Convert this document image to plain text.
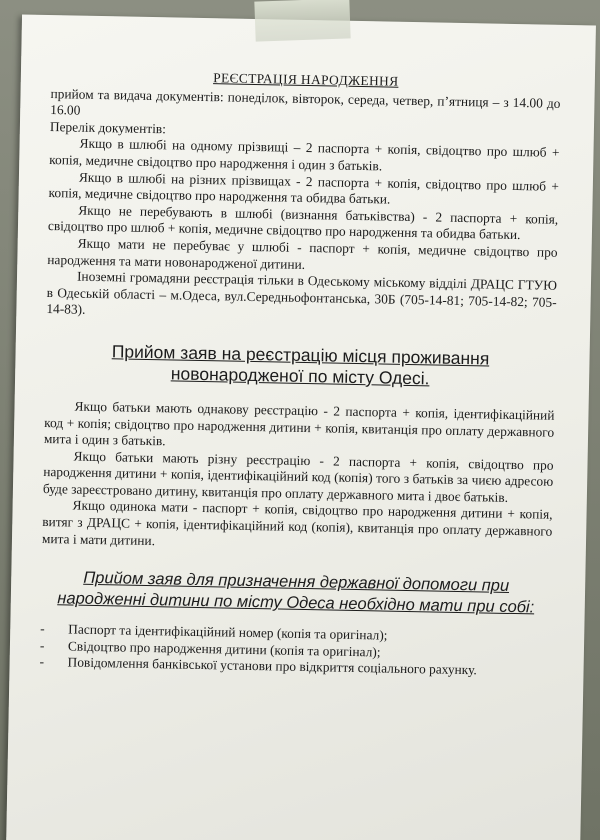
РЕЄСТРАЦІЯ НАРОДЖЕННЯ

прийом та видача документів: понеділок, вівторок, середа, четвер, п’ятниця – з 14.00 до 16.00

Перелік документів:

Якщо в шлюбі на одному прізвищі – 2 паспорта + копія, свідоцтво про шлюб + копія, медичне свідоцтво про народження і один з батьків.

Якщо в шлюбі на різних прізвищах - 2 паспорта + копія, свідоцтво про шлюб + копія, медичне свідоцтво про народження та обидва батьки.

Якщо не перебувають в шлюбі (визнання батьківства) - 2 паспорта + копія, свідоцтво про шлюб + копія, медичне свідоцтво про народження та обидва батьки.

Якщо мати не перебуває у шлюбі - паспорт + копія, медичне свідоцтво про народження та мати новонародженої дитини.

Іноземні громадяни реєстрація тільки в Одеському міському відділі ДРАЦС ГТУЮ в Одеській області – м.Одеса, вул.Середньофонтанська, 30Б (705-14-81; 705-14-82; 705-14-83).

Прийом заяв на реєстрацію місця проживання новонародженої по місту Одесі.

Якщо батьки мають однакову реєстрацію - 2 паспорта + копія, ідентифікаційний код + копія; свідоцтво про народження дитини + копія, квитанція про оплату державного мита і один з батьків.

Якщо батьки мають різну реєстрацію - 2 паспорта + копія, свідоцтво про народження дитини + копія, ідентифікаційний код (копія) того з батьків за чиєю адресою буде зареєстровано дитину, квитанція про оплату державного мита і двоє батьків.

Якщо одинока мати - паспорт + копія, свідоцтво про народження дитини + копія, витяг з ДРАЦС + копія, ідентифікаційний код (копія), квитанція про оплату державного мита і мати дитини.

Прийом заяв для призначення державної допомоги при народженні дитини по місту Одеса необхідно мати при собі:
- Паспорт та ідентифікаційний номер (копія та оригінал);
- Свідоцтво про народження дитини (копія та оригінал);
- Повідомлення банківської установи про відкриття соціального рахунку.
